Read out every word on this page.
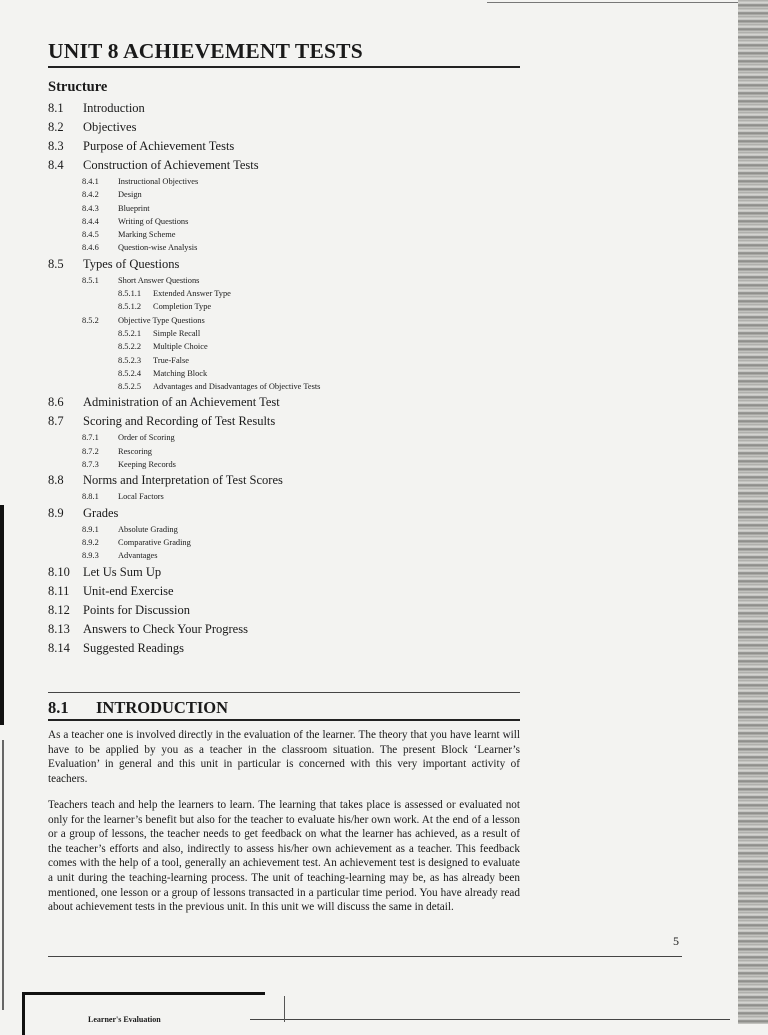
UNIT 8 ACHIEVEMENT TESTS
Structure
8.1 Introduction
8.2 Objectives
8.3 Purpose of Achievement Tests
8.4 Construction of Achievement Tests
8.4.1 Instructional Objectives
8.4.2 Design
8.4.3 Blueprint
8.4.4 Writing of Questions
8.4.5 Marking Scheme
8.4.6 Question-wise Analysis
8.5 Types of Questions
8.5.1 Short Answer Questions
8.5.1.1 Extended Answer Type
8.5.1.2 Completion Type
8.5.2 Objective Type Questions
8.5.2.1 Simple Recall
8.5.2.2 Multiple Choice
8.5.2.3 True-False
8.5.2.4 Matching Block
8.5.2.5 Advantages and Disadvantages of Objective Tests
8.6 Administration of an Achievement Test
8.7 Scoring and Recording of Test Results
8.7.1 Order of Scoring
8.7.2 Rescoring
8.7.3 Keeping Records
8.8 Norms and Interpretation of Test Scores
8.8.1 Local Factors
8.9 Grades
8.9.1 Absolute Grading
8.9.2 Comparative Grading
8.9.3 Advantages
8.10 Let Us Sum Up
8.11 Unit-end Exercise
8.12 Points for Discussion
8.13 Answers to Check Your Progress
8.14 Suggested Readings
8.1 INTRODUCTION
As a teacher one is involved directly in the evaluation of the learner. The theory that you have learnt will have to be applied by you as a teacher in the classroom situation. The present Block ‘Learner’s Evaluation’ in general and this unit in particular is concerned with this very important activity of teachers.
Teachers teach and help the learners to learn. The learning that takes place is assessed or evaluated not only for the learner’s benefit but also for the teacher to evaluate his/her own work. At the end of a lesson or a group of lessons, the teacher needs to get feedback on what the learner has achieved, as a result of the teacher’s efforts and also, indirectly to assess his/her own achievement as a teacher. This feedback comes with the help of a tool, generally an achievement test. An achievement test is designed to evaluate a unit during the teaching-learning process. The unit of teaching-learning may be, as has already been mentioned, one lesson or a group of lessons transacted in a particular time period. You have already read about achievement tests in the previous unit. In this unit we will discuss the same in detail.
5
Learner's Evaluation
